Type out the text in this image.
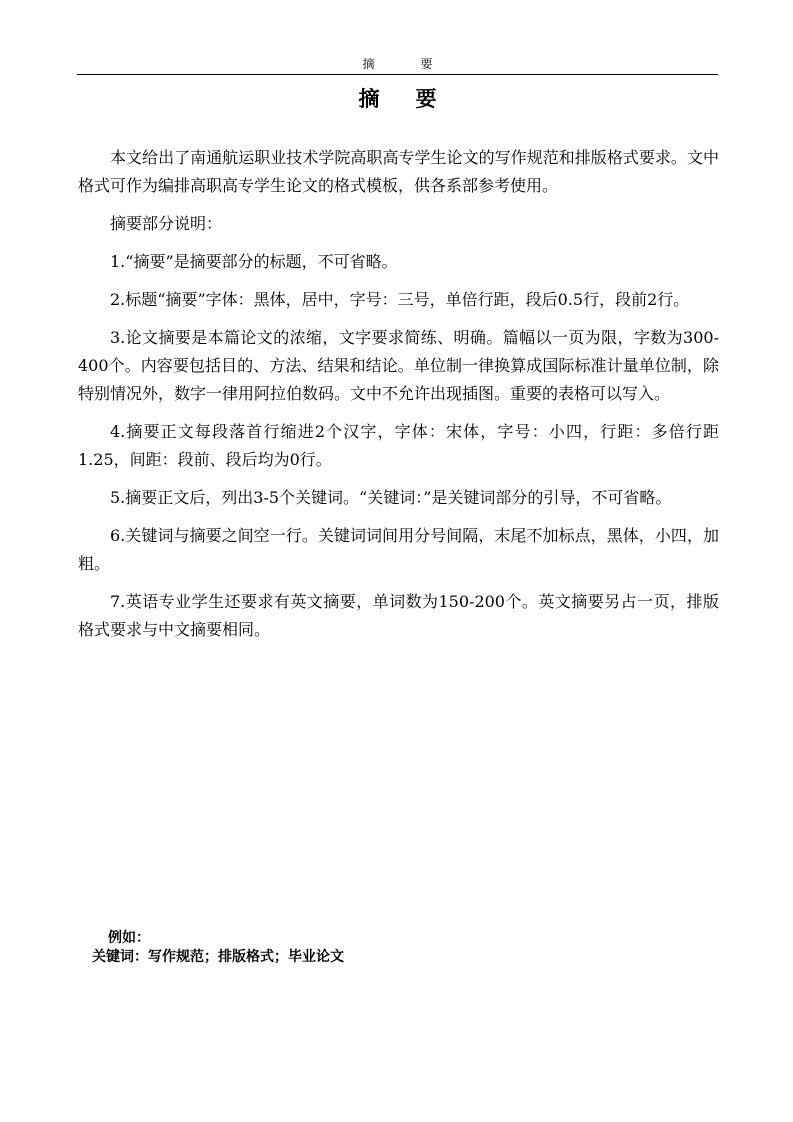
摘要
摘要

本文给出了南通航运职业技术学院高职高专学生论文的写作规范和排版格式要求。文中格式可作为编排高职高专学生论文的格式模板，供各系部参考使用。

摘要部分说明：

1.“摘要”是摘要部分的标题，不可省略。

2.标题“摘要”字体：黑体，居中，字号：三号，单倍行距，段后0.5行，段前2行。

3.论文摘要是本篇论文的浓缩，文字要求简练、明确。篇幅以一页为限，字数为300-400个。内容要包括目的、方法、结果和结论。单位制一律换算成国际标准计量单位制，除特别情况外，数字一律用阿拉伯数码。文中不允许出现插图。重要的表格可以写入。

4.摘要正文每段落首行缩进2个汉字，字体：宋体，字号：小四，行距：多倍行距 1.25，间距：段前、段后均为0行。

5.摘要正文后，列出3-5个关键词。“关键词：”是关键词部分的引导，不可省略。

6.关键词与摘要之间空一行。关键词词间用分号间隔，末尾不加标点，黑体，小四，加粗。

7.英语专业学生还要求有英文摘要，单词数为150-200个。英文摘要另占一页，排版格式要求与中文摘要相同。

例如：
关键词：写作规范；排版格式；毕业论文
